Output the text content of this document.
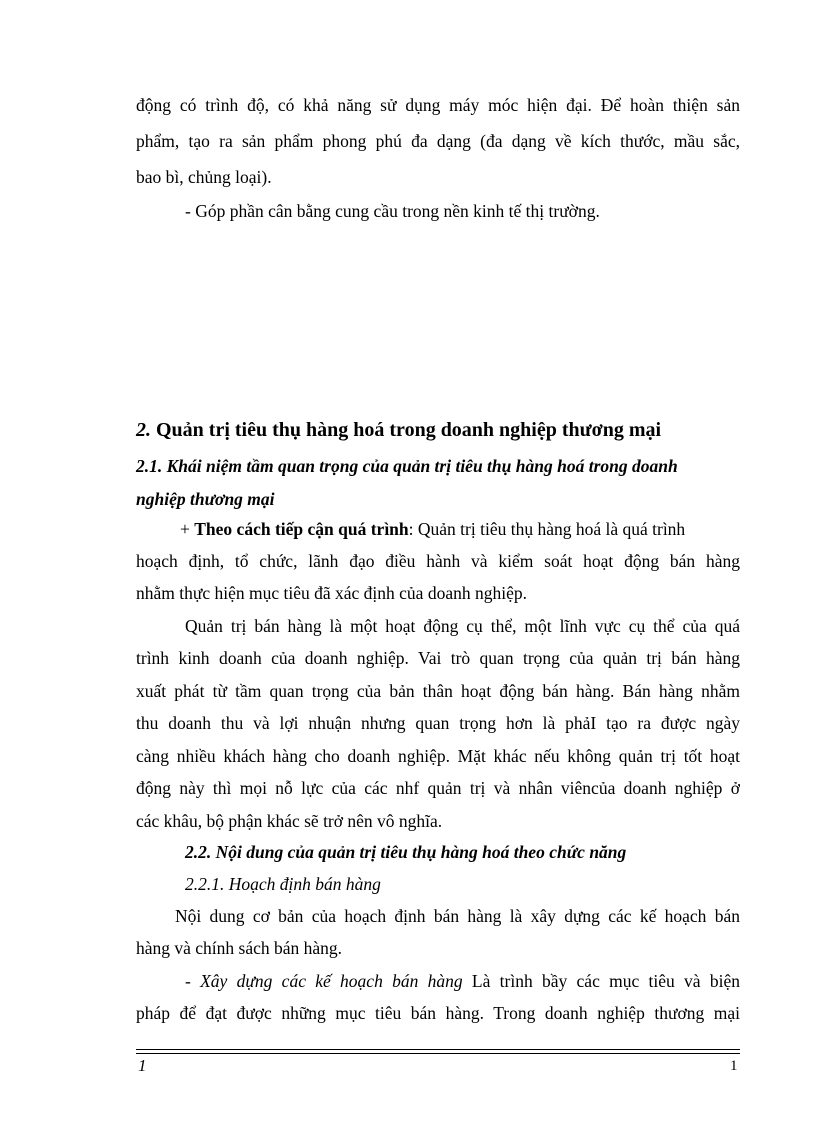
động có trình độ, có khả năng sử dụng máy móc hiện đại. Để hoàn thiện sản
phẩm, tạo ra sản phẩm phong phú đa dạng (đa dạng về kích thước, mầu sắc,
bao bì, chủng loại).
- Góp phần cân bằng cung cầu trong nền kinh tế thị trường.
2. Quản trị tiêu thụ hàng hoá trong doanh nghiệp thương mại
2.1. Khái niệm tầm quan trọng của quản trị tiêu thụ hàng hoá trong doanh
nghiệp thương mại
+ Theo cách tiếp cận quá trình: Quản trị tiêu thụ hàng hoá là quá trình
hoạch định, tổ chức, lãnh đạo điều hành và kiểm soát hoạt động bán hàng
nhằm thực hiện mục tiêu đã xác định của doanh nghiệp.
Quản trị bán hàng là một hoạt động cụ thể, một lĩnh vực cụ thể của quá
trình kinh doanh của doanh nghiệp. Vai trò quan trọng của quản trị bán hàng
xuất phát từ tầm quan trọng của bản thân hoạt động bán hàng. Bán hàng nhằm
thu doanh thu và lợi nhuận nhưng quan trọng hơn là phảI tạo ra được ngày
càng nhiều khách hàng cho doanh nghiệp. Mặt khác nếu không quản trị tốt hoạt
động này thì mọi nỗ lực của các nhf quản trị và nhân viêncủa doanh nghiệp ở
các khâu, bộ phận khác sẽ trở nên vô nghĩa.
2.2. Nội dung của quản trị tiêu thụ hàng hoá theo chức năng
2.2.1. Hoạch định bán hàng
Nội dung cơ bản của hoạch định bán hàng là xây dựng các kế hoạch bán
hàng và chính sách bán hàng.
- Xây dựng các kế hoạch bán hàng Là trình bầy các mục tiêu và biện
pháp để đạt được những mục tiêu bán hàng. Trong doanh nghiệp thương mại
1	1
